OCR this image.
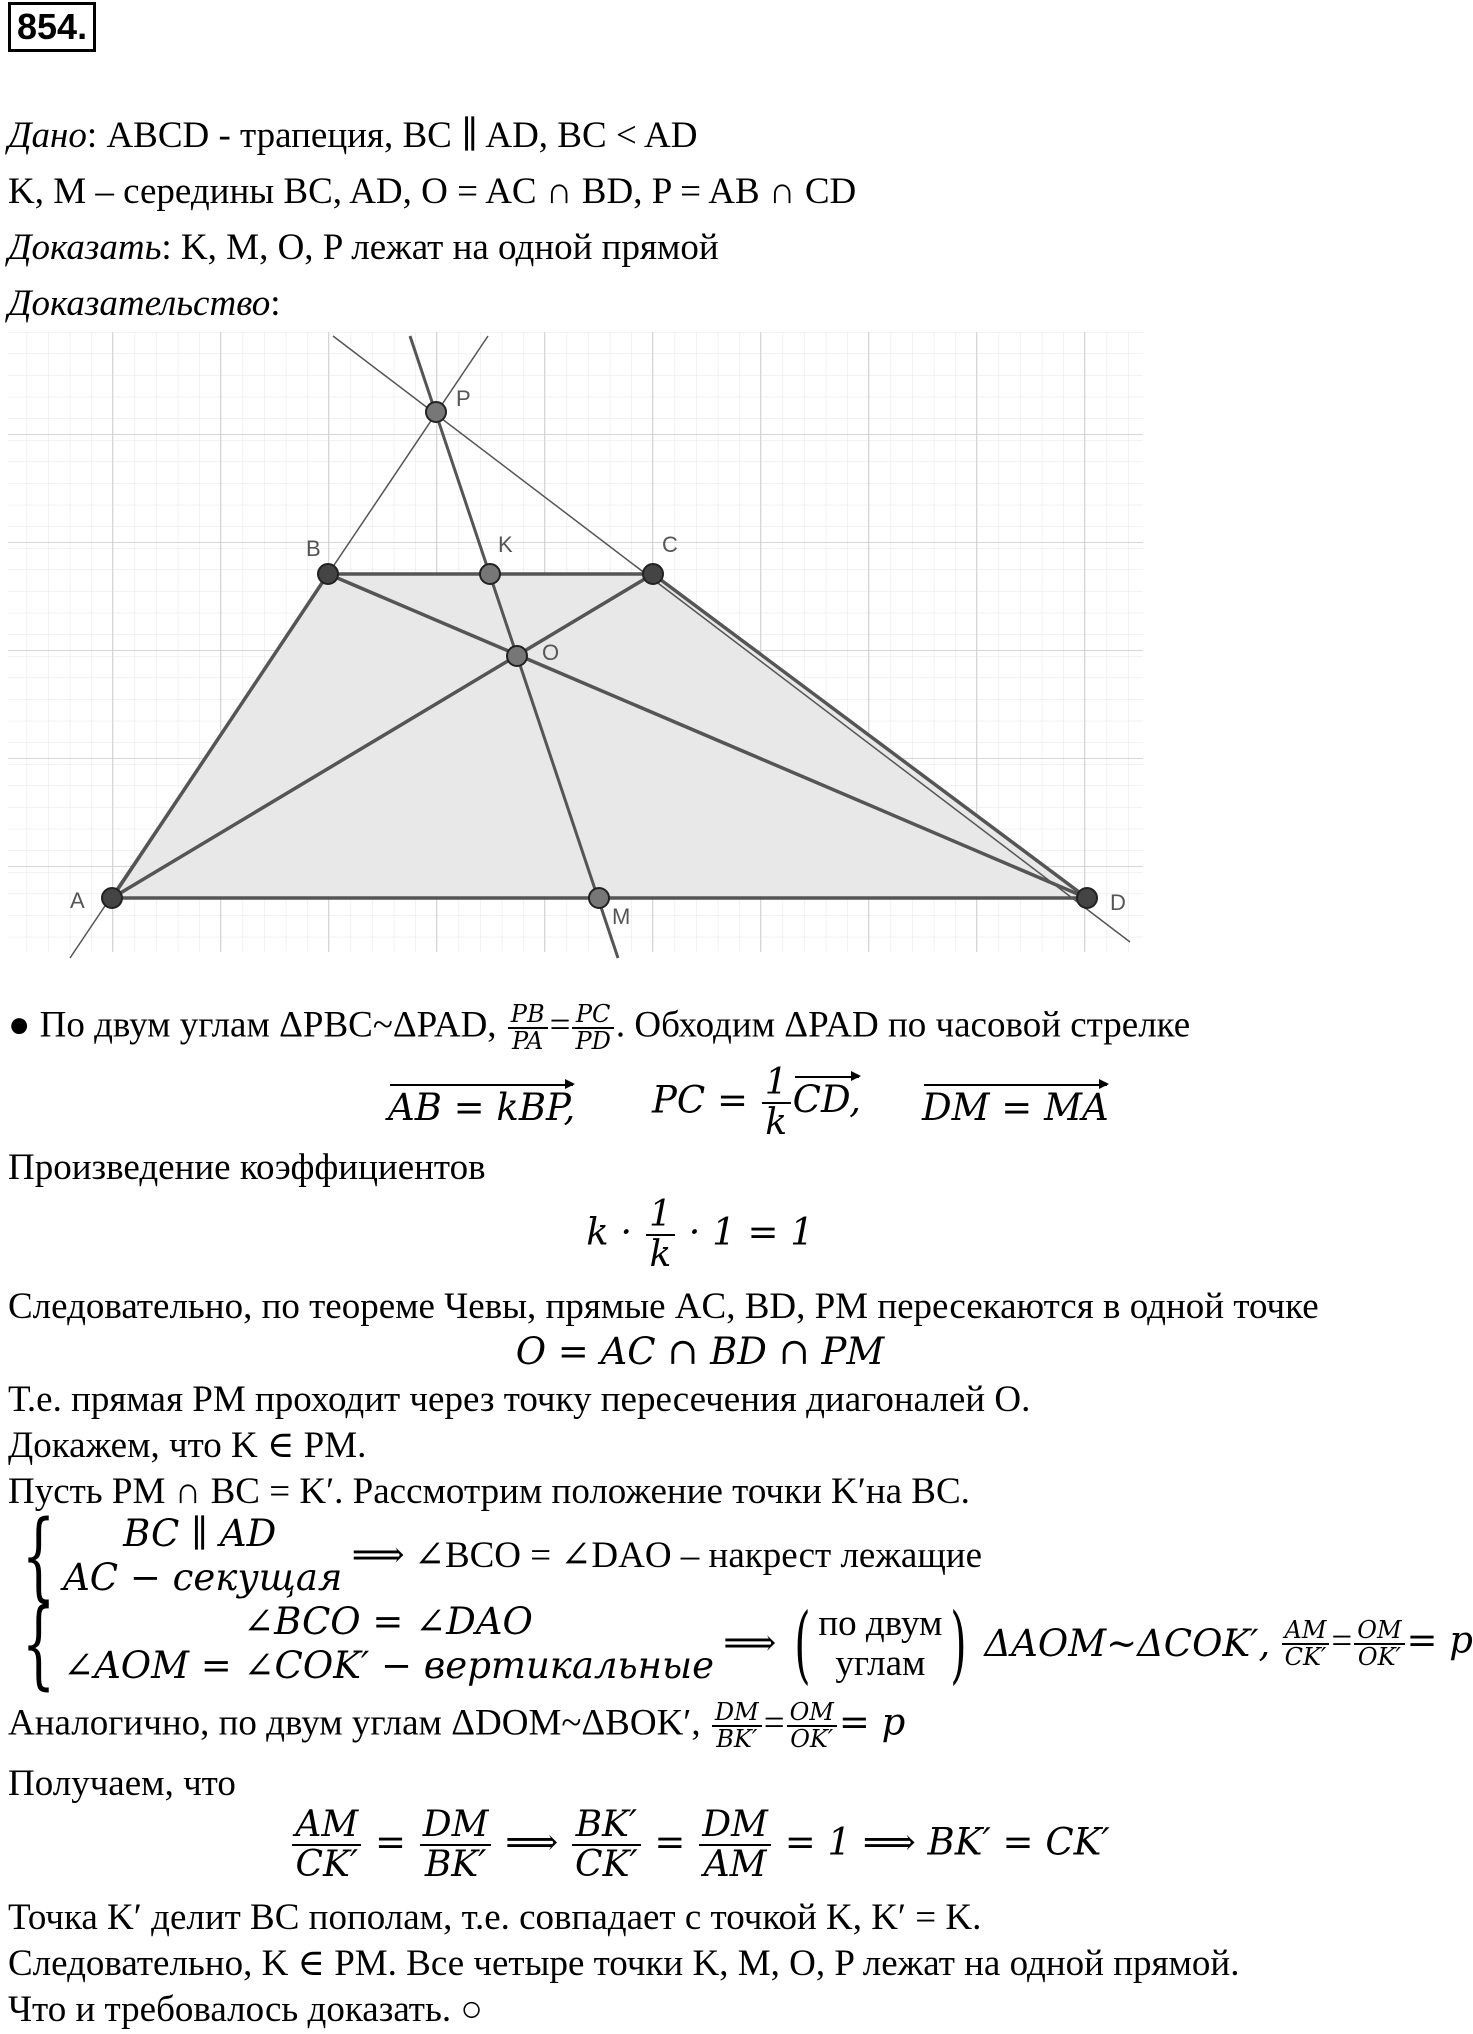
854.
Дано: ABCD - трапеция, BC ∥ AD, BC < AD
K, M – середины BC, AD, O = AC ∩ BD, P = AB ∩ CD
Доказать: K, M, O, P лежат на одной прямой
Доказательство:
A
B	C
D
K
M
O
P
● По двум углам ΔPBC~ΔPAD, $\frac{PB}{PA} = \frac{PC}{PD}$ . Обходим ΔPAD по часовой стрелке
AB = kBP, PC = $\frac{1}{k}$ CD, DM = MA
Произведение коэффициентов
$k \cdot \frac{1}{k} \cdot 1 = 1$
Следовательно, по теореме Чевы, прямые AC, BD, PM пересекаются в одной точке
O = AC ∩ BD ∩ PM
Т.е. прямая PM проходит через точку пересечения диагоналей O.
Докажем, что K ∈ PM.
Пусть PM ∩ BC = K′. Рассмотрим положение точки K′на BC.
{	BC ∥ AD
AC − секущая
⟹ ∠BCO = ∠DAO – накрест лежащие
{	∠BCO = ∠DAO
∠AOM = ∠COK′ − вертикальные
⟹ ( по двум
углам ) ΔAOM~ΔCOK′, $\frac{AM}{CK'} = \frac{OM}{OK'} = p$
Аналогично, по двум углам ΔDOM~ΔBOK′, $\frac{DM}{BK'} = \frac{OM}{OK'} = p$
Получаем, что
$\frac{AM}{CK'} = \frac{DM}{BK'}$ ⟹ $\frac{BK'}{CK'} = \frac{DM}{AM} = 1$ ⟹ BK′ = CK′
Точка K′ делит BC пополам, т.е. совпадает с точкой K, K′ = K.
Следовательно, K ∈ PM. Все четыре точки K, M, O, P лежат на одной прямой.
Что и требовалось доказать. ○
